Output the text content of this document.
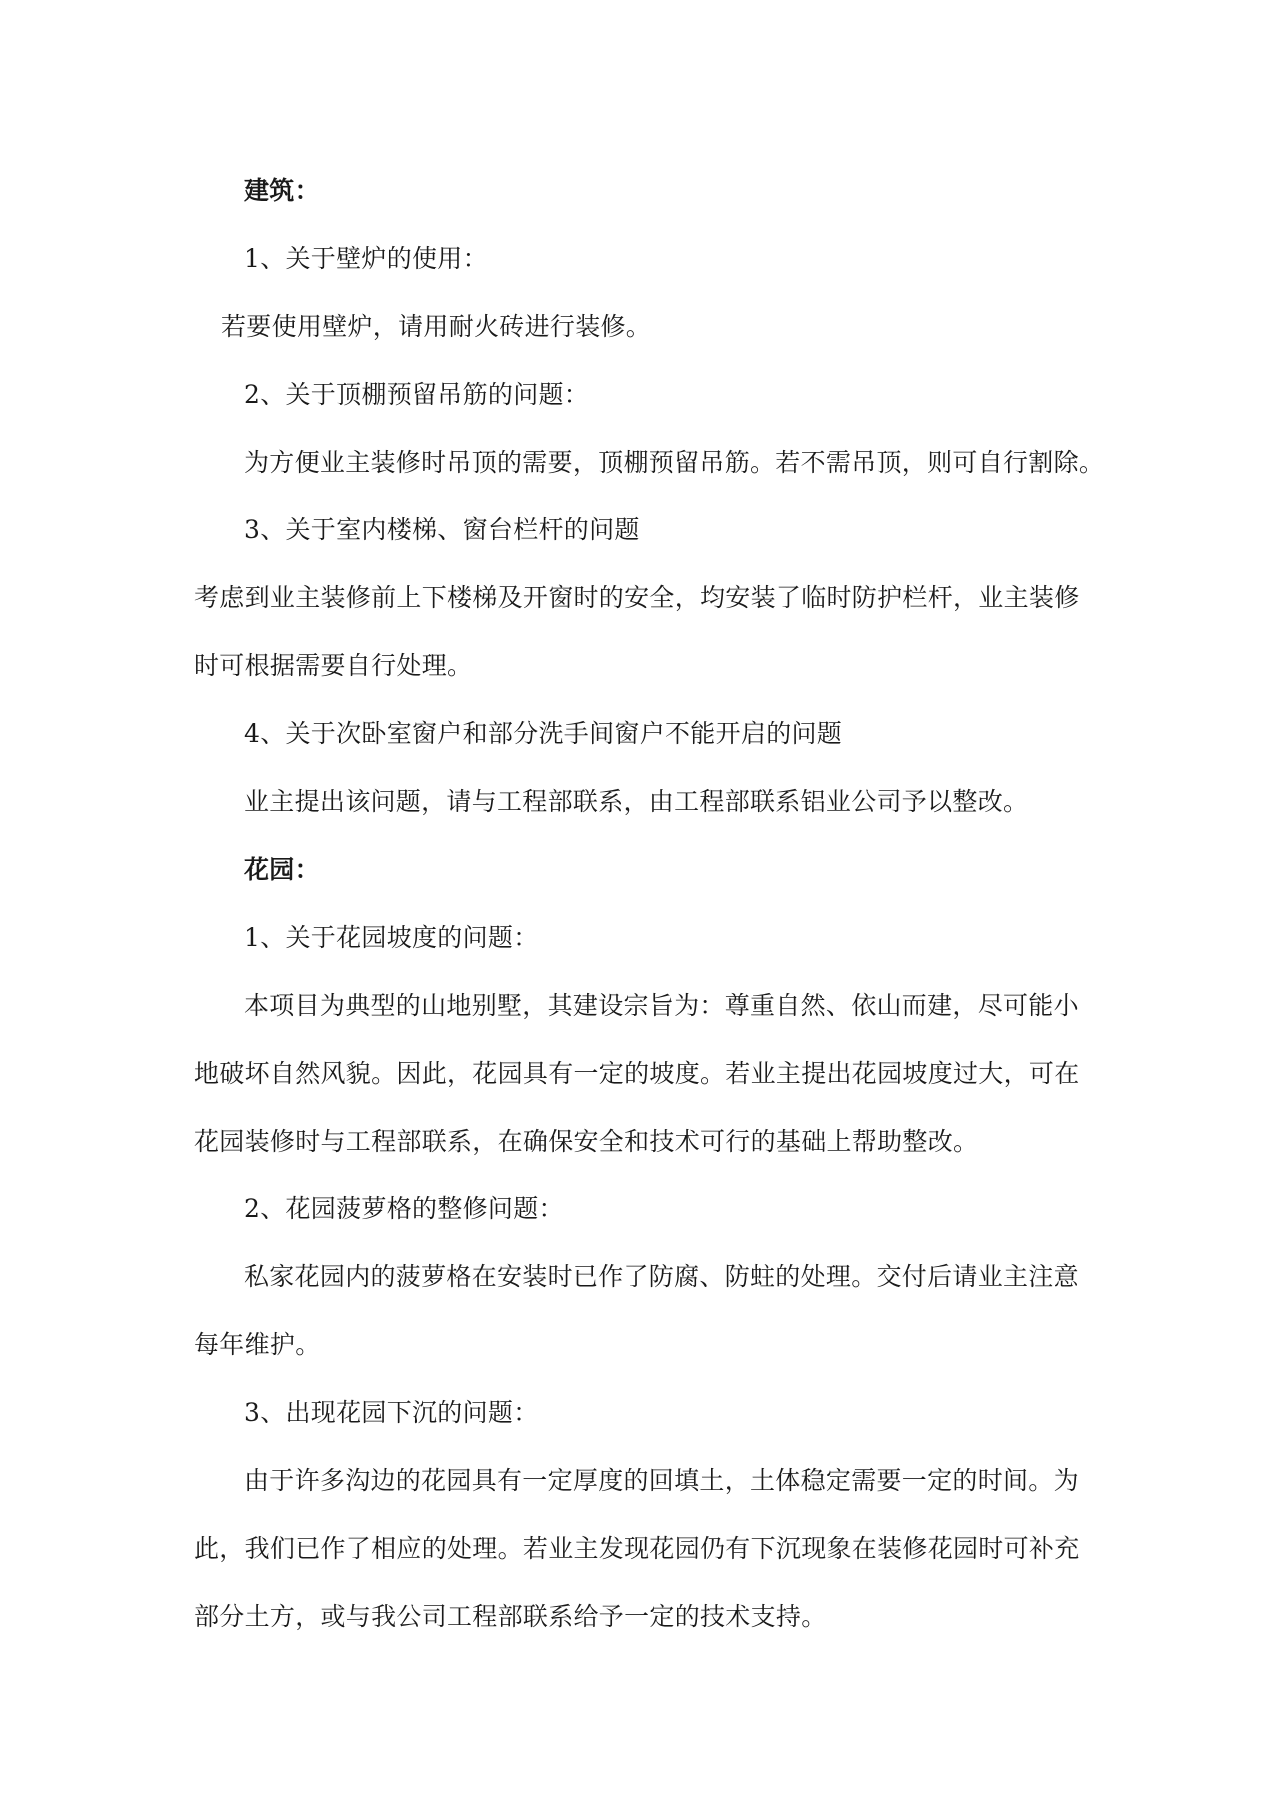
建筑：
1、关于壁炉的使用：
若要使用壁炉，请用耐火砖进行装修。
2、关于顶棚预留吊筋的问题：
为方便业主装修时吊顶的需要，顶棚预留吊筋。若不需吊顶，则可自行割除。
3、关于室内楼梯、窗台栏杆的问题
考虑到业主装修前上下楼梯及开窗时的安全，均安装了临时防护栏杆，业主装修
时可根据需要自行处理。
4、关于次卧室窗户和部分洗手间窗户不能开启的问题
业主提出该问题，请与工程部联系，由工程部联系铝业公司予以整改。
花园：
1、关于花园坡度的问题：
本项目为典型的山地别墅，其建设宗旨为：尊重自然、依山而建，尽可能小
地破坏自然风貌。因此，花园具有一定的坡度。若业主提出花园坡度过大，可在
花园装修时与工程部联系，在确保安全和技术可行的基础上帮助整改。
2、花园菠萝格的整修问题：
私家花园内的菠萝格在安装时已作了防腐、防蛀的处理。交付后请业主注意
每年维护。
3、出现花园下沉的问题：
由于许多沟边的花园具有一定厚度的回填土，土体稳定需要一定的时间。为
此，我们已作了相应的处理。若业主发现花园仍有下沉现象在装修花园时可补充
部分土方，或与我公司工程部联系给予一定的技术支持。
